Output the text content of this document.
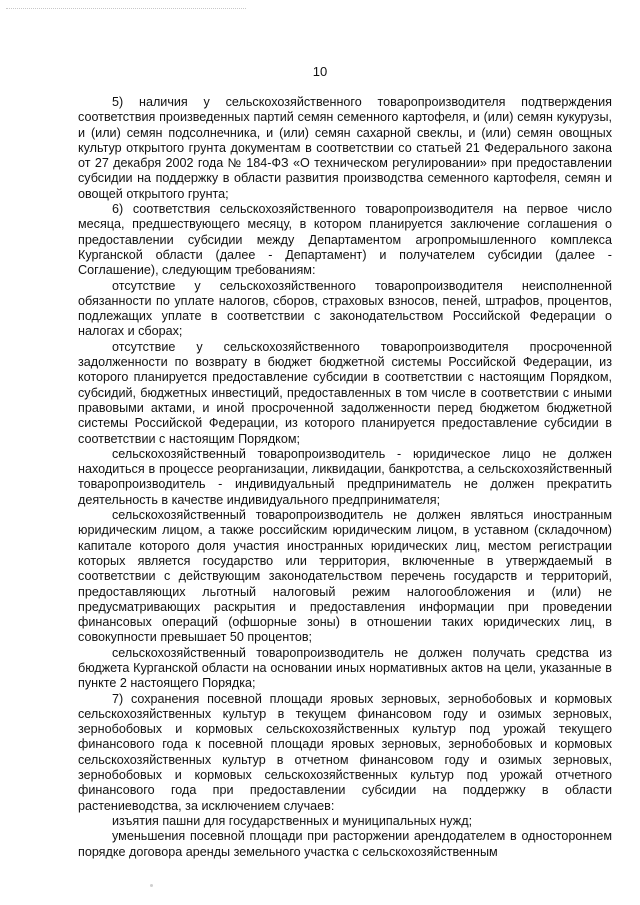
10

5) наличия у сельскохозяйственного товаропроизводителя подтверждения соответствия произведенных партий семян семенного картофеля, и (или) семян кукурузы, и (или) семян подсолнечника, и (или) семян сахарной свеклы, и (или) семян овощных культур открытого грунта документам в соответствии со статьей 21 Федерального закона от 27 декабря 2002 года № 184-ФЗ «О техническом регулировании» при предоставлении субсидии на поддержку в области развития производства семенного картофеля, семян и овощей открытого грунта;

6) соответствия сельскохозяйственного товаропроизводителя на первое число месяца, предшествующего месяцу, в котором планируется заключение соглашения о предоставлении субсидии между Департаментом агропромышленного комплекса Курганской области (далее - Департамент) и получателем субсидии (далее - Соглашение), следующим требованиям:

отсутствие у сельскохозяйственного товаропроизводителя неисполненной обязанности по уплате налогов, сборов, страховых взносов, пеней, штрафов, процентов, подлежащих уплате в соответствии с законодательством Российской Федерации о налогах и сборах;

отсутствие у сельскохозяйственного товаропроизводителя просроченной задолженности по возврату в бюджет бюджетной системы Российской Федерации, из которого планируется предоставление субсидии в соответствии с настоящим Порядком, субсидий, бюджетных инвестиций, предоставленных в том числе в соответствии с иными правовыми актами, и иной просроченной задолженности перед бюджетом бюджетной системы Российской Федерации, из которого планируется предоставление субсидии в соответствии с настоящим Порядком;

сельскохозяйственный товаропроизводитель - юридическое лицо не должен находиться в процессе реорганизации, ликвидации, банкротства, а сельскохозяйственный товаропроизводитель - индивидуальный предприниматель не должен прекратить деятельность в качестве индивидуального предпринимателя;

сельскохозяйственный товаропроизводитель не должен являться иностранным юридическим лицом, а также российским юридическим лицом, в уставном (складочном) капитале которого доля участия иностранных юридических лиц, местом регистрации которых является государство или территория, включенные в утверждаемый в соответствии с действующим законодательством перечень государств и территорий, предоставляющих льготный налоговый режим налогообложения и (или) не предусматривающих раскрытия и предоставления информации при проведении финансовых операций (офшорные зоны) в отношении таких юридических лиц, в совокупности превышает 50 процентов;

сельскохозяйственный товаропроизводитель не должен получать средства из бюджета Курганской области на основании иных нормативных актов на цели, указанные в пункте 2 настоящего Порядка;

7) сохранения посевной площади яровых зерновых, зернобобовых и кормовых сельскохозяйственных культур в текущем финансовом году и озимых зерновых, зернобобовых и кормовых сельскохозяйственных культур под урожай текущего финансового года к посевной площади яровых зерновых, зернобобовых и кормовых сельскохозяйственных культур в отчетном финансовом году и озимых зерновых, зернобобовых и кормовых сельскохозяйственных культур под урожай отчетного финансового года при предоставлении субсидии на поддержку в области растениеводства, за исключением случаев:

изъятия пашни для государственных и муниципальных нужд;

уменьшения посевной площади при расторжении арендодателем в одностороннем порядке договора аренды земельного участка с сельскохозяйственным
